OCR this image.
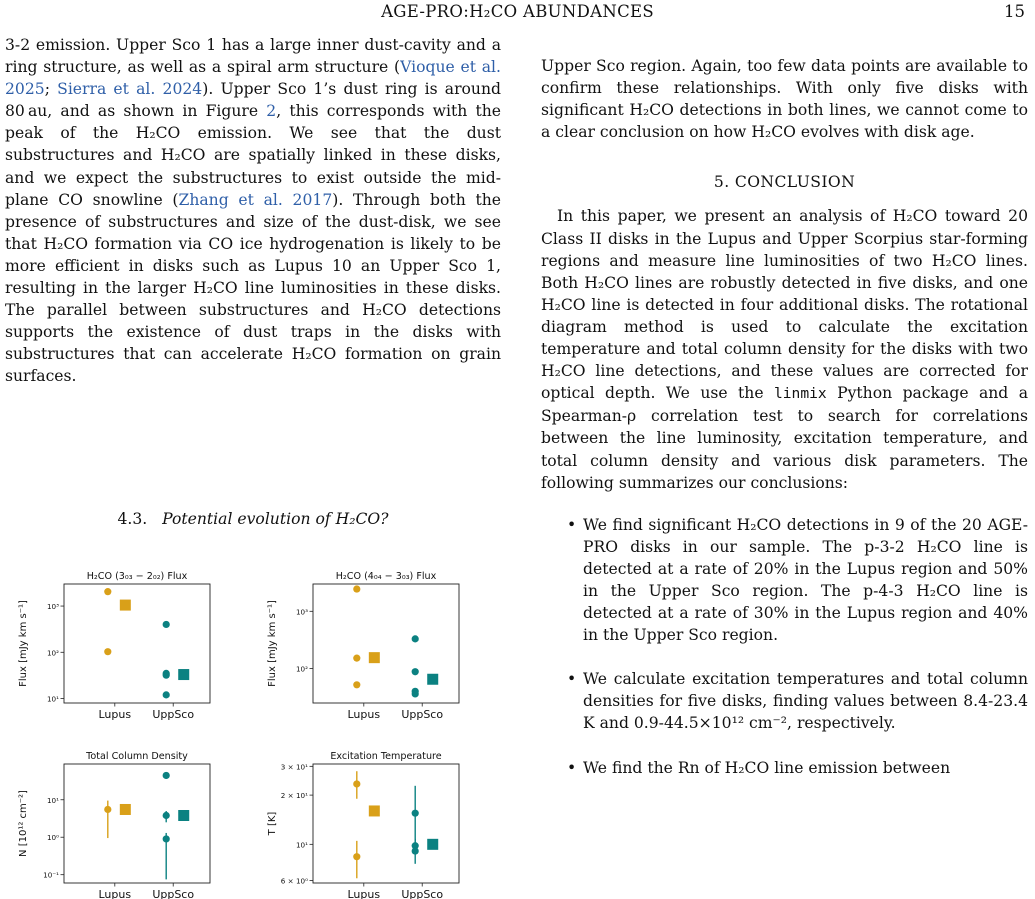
AGE-PRO:H₂CO ABUNDANCES	15

3-2 emission. Upper Sco 1 has a large inner dust-cavity and a ring structure, as well as a spiral arm structure (Vioque et al. 2025; Sierra et al. 2024). Upper Sco 1’s dust ring is around 80 au, and as shown in Figure 2, this corresponds with the peak of the H₂CO emission. We see that the dust substructures and H₂CO are spatially linked in these disks, and we expect the substructures to exist outside the mid-plane CO snowline (Zhang et al. 2017). Through both the presence of substructures and size of the dust-disk, we see that H₂CO formation via CO ice hydrogenation is likely to be more efficient in disks such as Lupus 10 an Upper Sco 1, resulting in the larger H₂CO line luminosities in these disks. The parallel between substructures and H₂CO detections supports the existence of dust traps in the disks with substructures that can accelerate H₂CO formation on grain surfaces.

4.3. Potential evolution of H₂CO?
H₂CO (3₀₃ − 2₀₂) Flux
Flux [mJy km s⁻¹]
10¹
10²
10³
Lupus UppSco
H₂CO (4₀₄ − 3₀₃) Flux
Flux [mJy km s⁻¹] 10²
10³
Lupus UppSco
Total Column Density
N [10¹² cm⁻²]
10⁻¹
10⁰
10¹
Lupus UppSco
Excitation Temperature
T [K]
6 × 10⁰
10¹
2 × 10¹
3 × 10¹
Lupus UppSco

Upper Sco region. Again, too few data points are available to confirm these relationships. With only five disks with significant H₂CO detections in both lines, we cannot come to a clear conclusion on how H₂CO evolves with disk age.

5. CONCLUSION

In this paper, we present an analysis of H₂CO toward 20 Class II disks in the Lupus and Upper Scorpius star-forming regions and measure line luminosities of two H₂CO lines. Both H₂CO lines are robustly detected in five disks, and one H₂CO line is detected in four additional disks. The rotational diagram method is used to calculate the excitation temperature and total column density for the disks with two H₂CO line detections, and these values are corrected for optical depth. We use the linmix Python package and a Spearman-ρ correlation test to search for correlations between the line luminosity, excitation temperature, and total column density and various disk parameters. The following summarizes our conclusions:

• We find significant H₂CO detections in 9 of the 20 AGE-PRO disks in our sample. The p-3-2 H₂CO line is detected at a rate of 20% in the Lupus region and 50% in the Upper Sco region. The p-4-3 H₂CO line is detected at a rate of 30% in the Lupus region and 40% in the Upper Sco region.
• We calculate excitation temperatures and total column densities for five disks, finding values between 8.4-23.4 K and 0.9-44.5×10¹² cm⁻², respectively.
• We find the Rn of H₂CO line emission between
